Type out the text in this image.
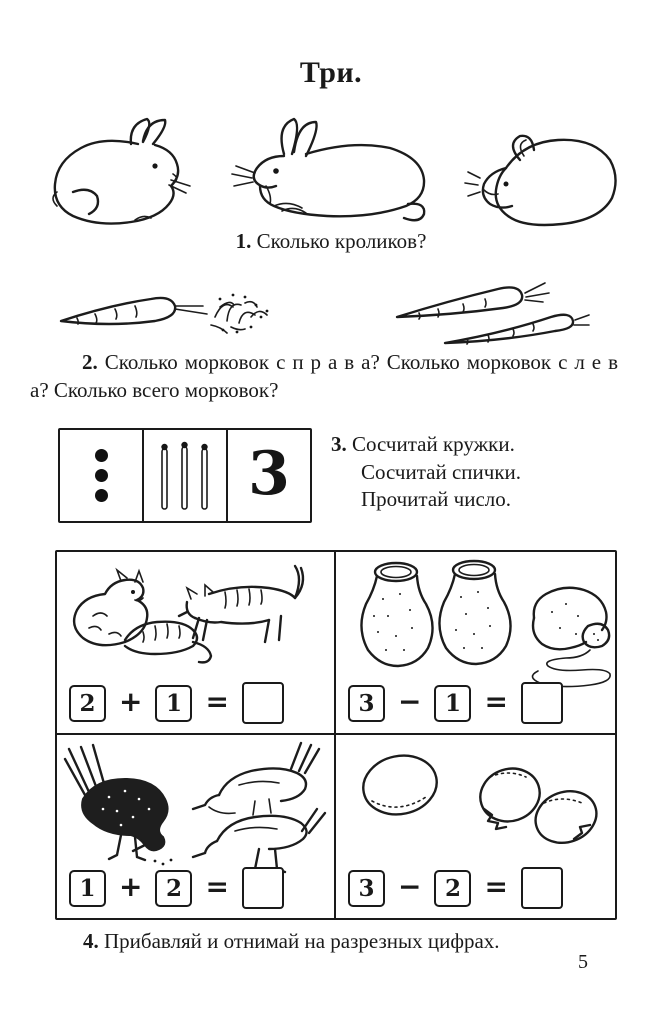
Три.
1. Сколько кроликов?
2. Сколько морковок с п р а в а? Сколько морковок с л е в а? Сколько всего морковок?
3 3. Сосчитай кружки.
Сосчитай спички.
Прочитай число.
2 +	1 =	3 −	1 =
1 +	2 =	3 −	2 =
4. Прибавляй и отнимай на разрезных цифрах.
5
